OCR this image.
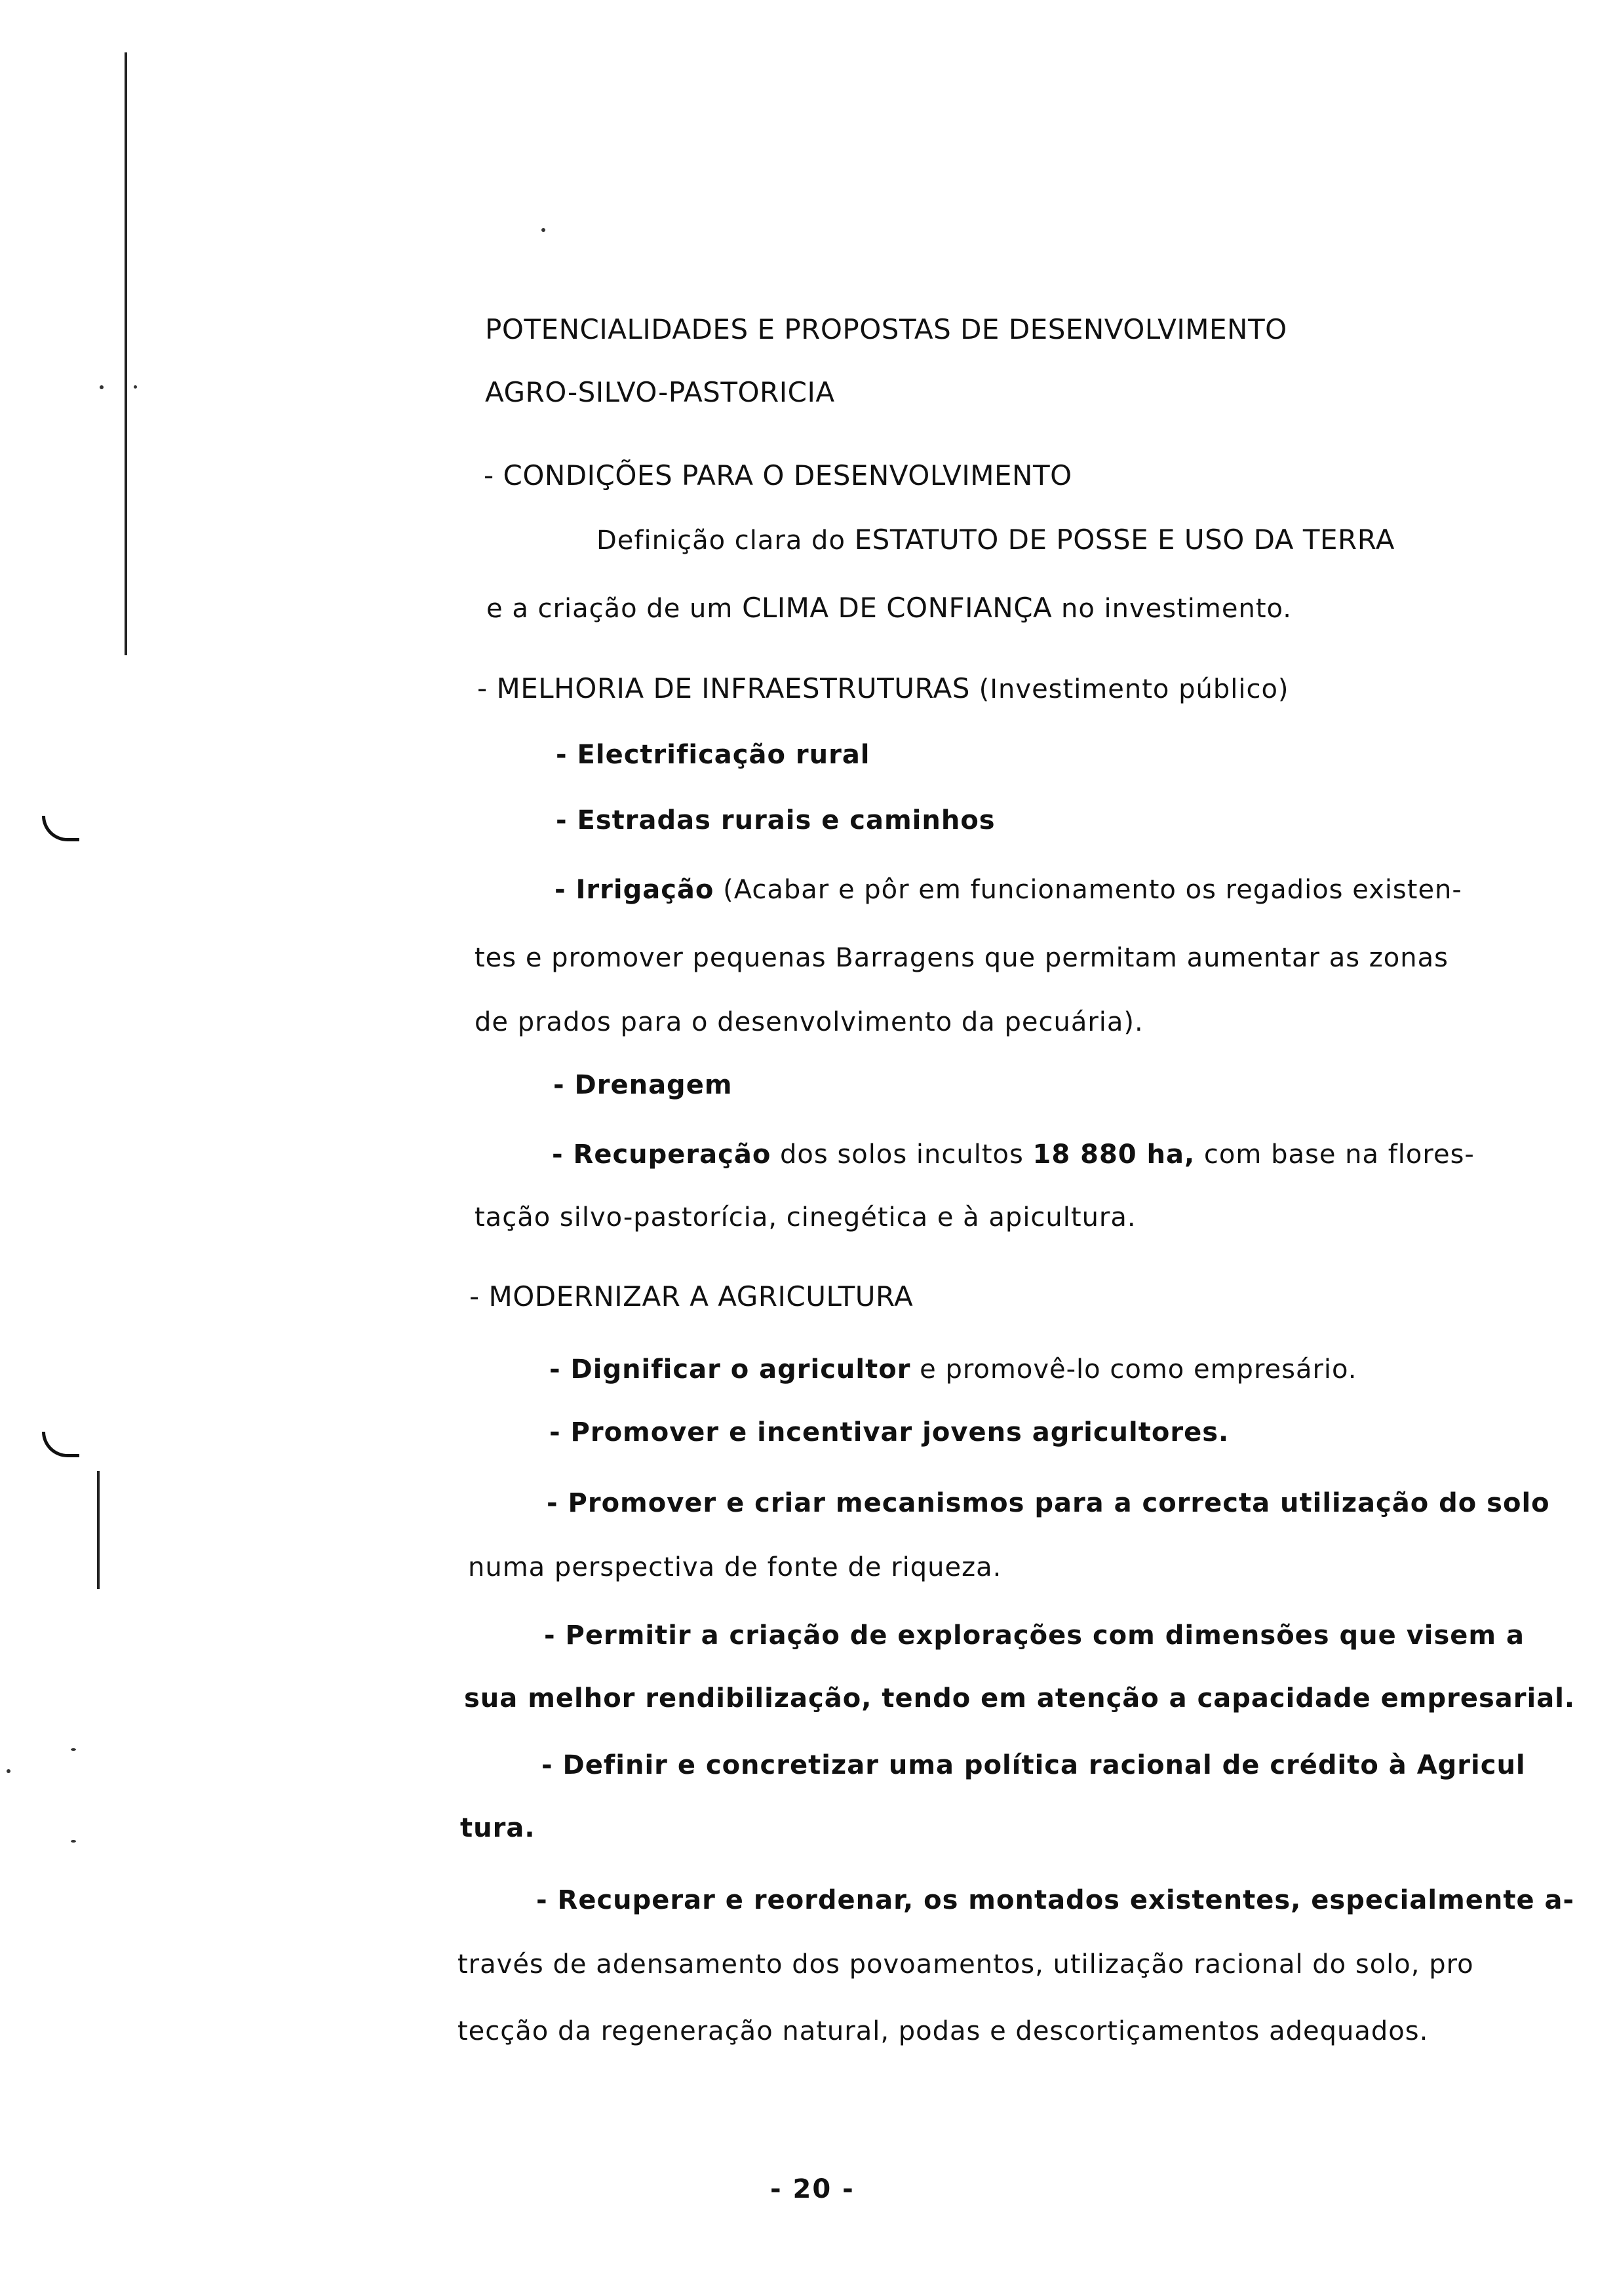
POTENCIALIDADES E PROPOSTAS DE DESENVOLVIMENTO
AGRO-SILVO-PASTORICIA
- CONDIÇÕES PARA O DESENVOLVIMENTO
Definição clara do ESTATUTO DE POSSE E USO DA TERRA
e a criação de um CLIMA DE CONFIANÇA no investimento.
- MELHORIA DE INFRAESTRUTURAS (Investimento público)
- Electrificação rural
- Estradas rurais e caminhos
- Irrigação (Acabar e pôr em funcionamento os regadios existen-
tes e promover pequenas Barragens que permitam aumentar as zonas
de prados para o desenvolvimento da pecuária).
- Drenagem
- Recuperação dos solos incultos 18 880 ha, com base na flores-
tação silvo-pastorícia, cinegética e à apicultura.
- MODERNIZAR A AGRICULTURA
- Dignificar o agricultor e promovê-lo como empresário.
- Promover e incentivar jovens agricultores.
- Promover e criar mecanismos para a correcta utilização do solo
numa perspectiva de fonte de riqueza.
- Permitir a criação de explorações com dimensões que visem a
sua melhor rendibilização, tendo em atenção a capacidade empresarial.
- Definir e concretizar uma política racional de crédito à Agricul
tura.
- Recuperar e reordenar, os montados existentes, especialmente a-
través de adensamento dos povoamentos, utilização racional do solo, pro
tecção da regeneração natural, podas e descortiçamentos adequados.
- 20 -
